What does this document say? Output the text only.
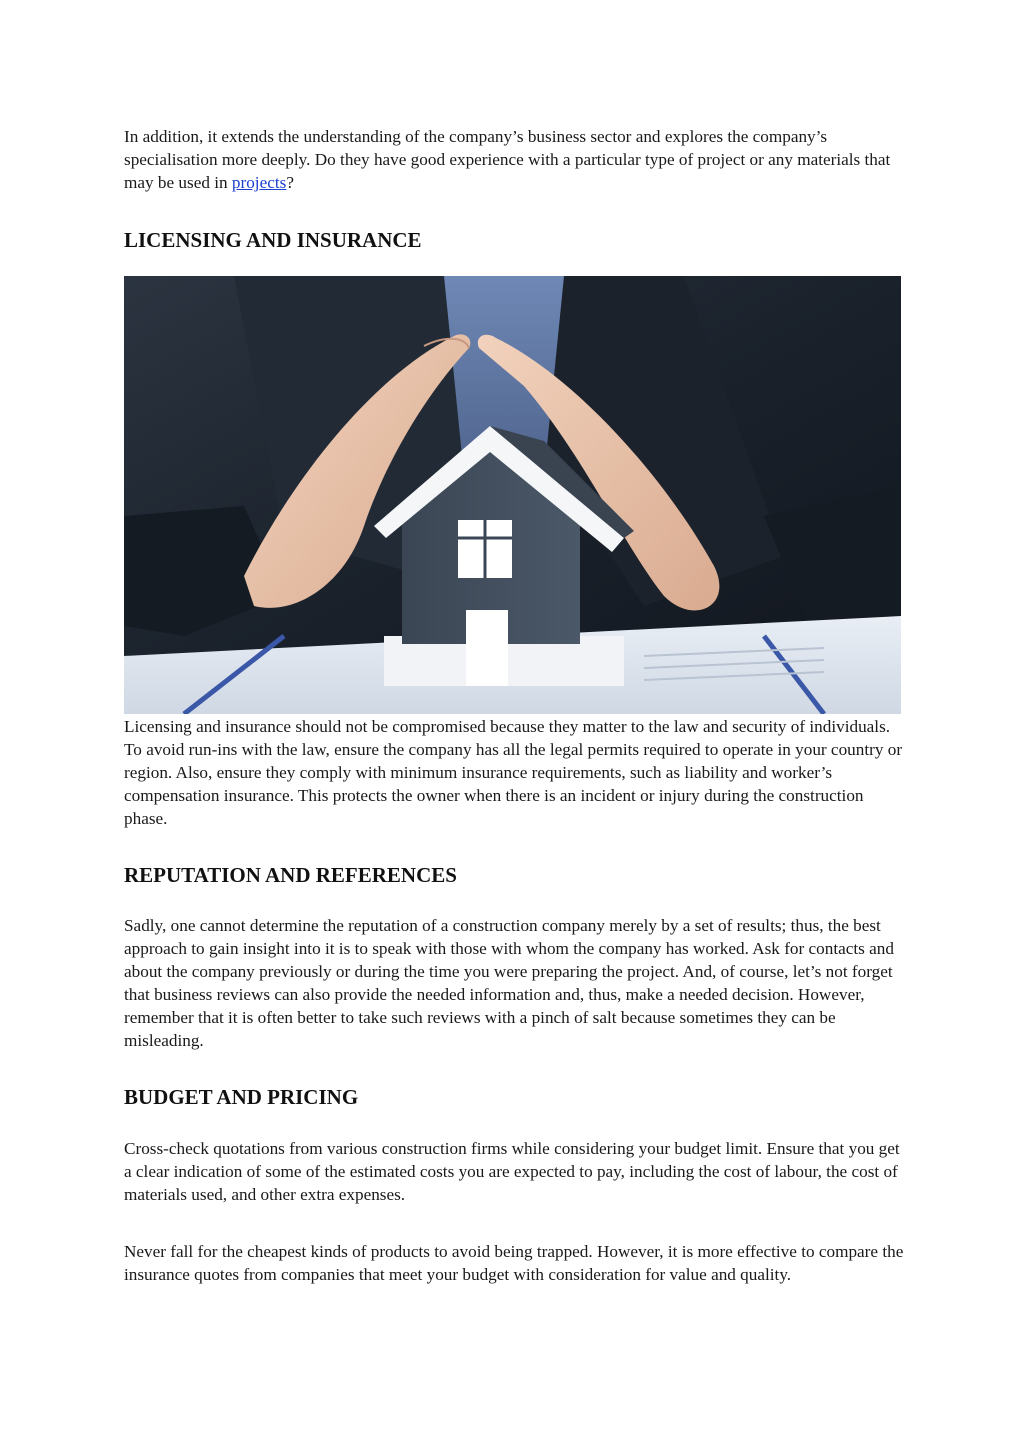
In addition, it extends the understanding of the company’s business sector and explores the company’s specialisation more deeply. Do they have good experience with a particular type of project or any materials that may be used in projects?

LICENSING AND INSURANCE

Licensing and insurance should not be compromised because they matter to the law and security of individuals. To avoid run-ins with the law, ensure the company has all the legal permits required to operate in your country or region. Also, ensure they comply with minimum insurance requirements, such as liability and worker’s compensation insurance. This protects the owner when there is an incident or injury during the construction phase.

REPUTATION AND REFERENCES

Sadly, one cannot determine the reputation of a construction company merely by a set of results; thus, the best approach to gain insight into it is to speak with those with whom the company has worked. Ask for contacts and about the company previously or during the time you were preparing the project. And, of course, let’s not forget that business reviews can also provide the needed information and, thus, make a needed decision. However, remember that it is often better to take such reviews with a pinch of salt because sometimes they can be misleading.

BUDGET AND PRICING

Cross-check quotations from various construction firms while considering your budget limit. Ensure that you get a clear indication of some of the estimated costs you are expected to pay, including the cost of labour, the cost of materials used, and other extra expenses.

Never fall for the cheapest kinds of products to avoid being trapped. However, it is more effective to compare the insurance quotes from companies that meet your budget with consideration for value and quality.
